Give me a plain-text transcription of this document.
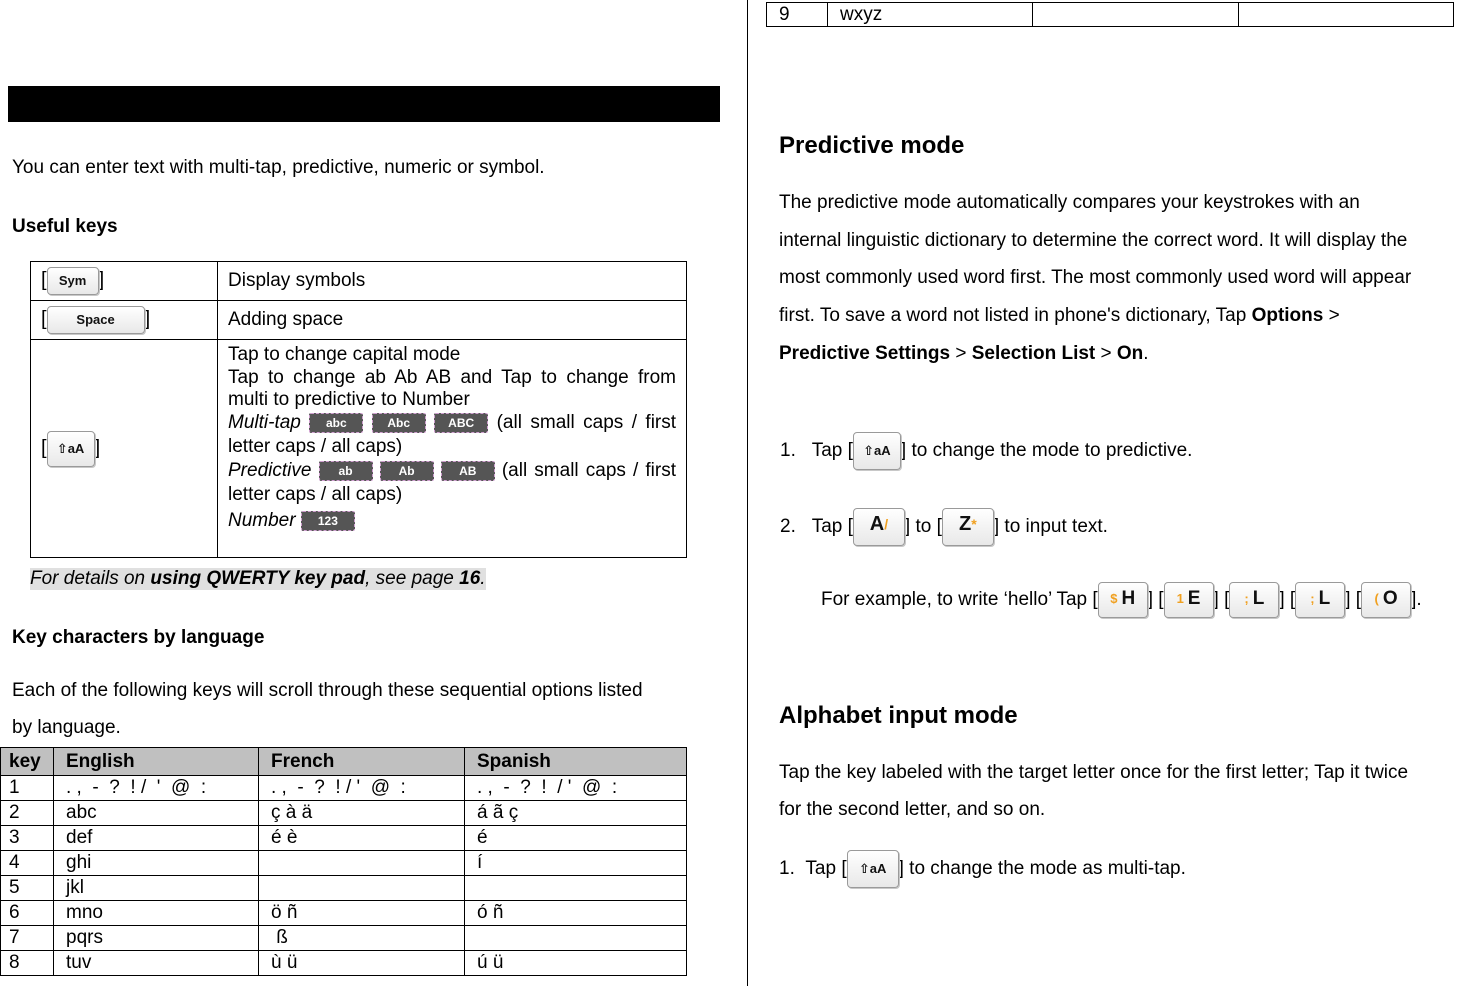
You can enter text with multi-tap, predictive, numeric or symbol.
Useful keys
[ Sym ]	Display symbols
[ Space ]	Adding space
[ ⇧aA ]	Tap to change capital mode
Tap to change ab Ab AB and Tap to change from multi to predictive to Number
Multi-tap abc Abc ABC (all small caps / first letter caps / all caps)
Predictive ab Ab AB (all small caps / first letter caps / all caps)
Number 123
For details on using QWERTY key pad, see page 16.
Key characters by language
Each of the following keys will scroll through these sequential options listed
by language.
key	English	French	Spanish
1	. ,  -  ?  ! /  '  @  :	. ,  -  ?  ! / '  @  :	. ,  -  ?  !  / '  @  :
2	abc	ç à ä	á ã ç
3	def	é è	é
4	ghi		í
5	jkl		
6	mno	ö ñ	ó ñ
7	pqrs	ß	
8	tuv	ù ü	ú ü
9	wxyz		
Predictive mode
The predictive mode automatically compares your keystrokes with an
internal linguistic dictionary to determine the correct word. It will display the
most commonly used word first. The most commonly used word will appear
first. To save a word not listed in phone's dictionary, Tap Options >
Predictive Settings > Selection List > On.
1. Tap [ ⇧aA ] to change the mode to predictive.
2. Tap [ A/ ] to [ Z* ] to input text.
For example, to write ‘hello’ Tap [ $ H ] [ $^1$ E ] [ ; L ] [ ; L ] [ ( O ].
Alphabet input mode
Tap the key labeled with the target letter once for the first letter; Tap it twice
for the second letter, and so on.
1. Tap [ ⇧aA ] to change the mode as multi-tap.
